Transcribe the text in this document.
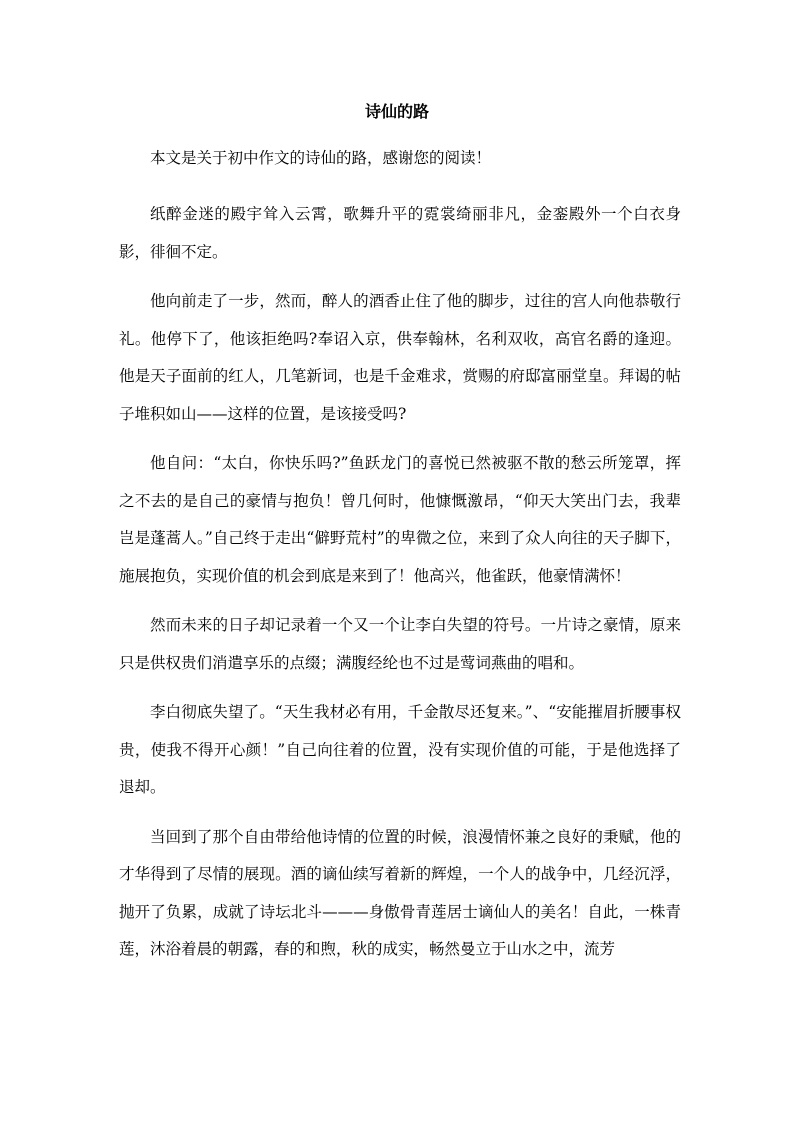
诗仙的路

本文是关于初中作文的诗仙的路，感谢您的阅读！

纸醉金迷的殿宇耸入云霄，歌舞升平的霓裳绮丽非凡，金銮殿外一个白衣身影，徘徊不定。

他向前走了一步，然而，醉人的酒香止住了他的脚步，过往的宫人向他恭敬行礼。他停下了，他该拒绝吗?奉诏入京，供奉翰林，名利双收，高官名爵的逢迎。他是天子面前的红人，几笔新词，也是千金难求，赏赐的府邸富丽堂皇。拜谒的帖子堆积如山——这样的位置，是该接受吗?

他自问：“太白，你快乐吗?”鱼跃龙门的喜悦已然被驱不散的愁云所笼罩，挥之不去的是自己的豪情与抱负！曾几何时，他慷慨激昂，“仰天大笑出门去，我辈岂是蓬蒿人。”自己终于走出“僻野荒村”的卑微之位，来到了众人向往的天子脚下，施展抱负，实现价值的机会到底是来到了！他高兴，他雀跃，他豪情满怀！

然而未来的日子却记录着一个又一个让李白失望的符号。一片诗之豪情，原来只是供权贵们消遣享乐的点缀；满腹经纶也不过是莺词燕曲的唱和。

李白彻底失望了。“天生我材必有用，千金散尽还复来。”、“安能摧眉折腰事权贵，使我不得开心颜！”自己向往着的位置，没有实现价值的可能，于是他选择了退却。

当回到了那个自由带给他诗情的位置的时候，浪漫情怀兼之良好的秉赋，他的才华得到了尽情的展现。酒的谪仙续写着新的辉煌，一个人的战争中，几经沉浮，抛开了负累，成就了诗坛北斗———身傲骨青莲居士谪仙人的美名！自此，一株青莲，沐浴着晨的朝露，春的和煦，秋的成实，畅然曼立于山水之中，流芳
